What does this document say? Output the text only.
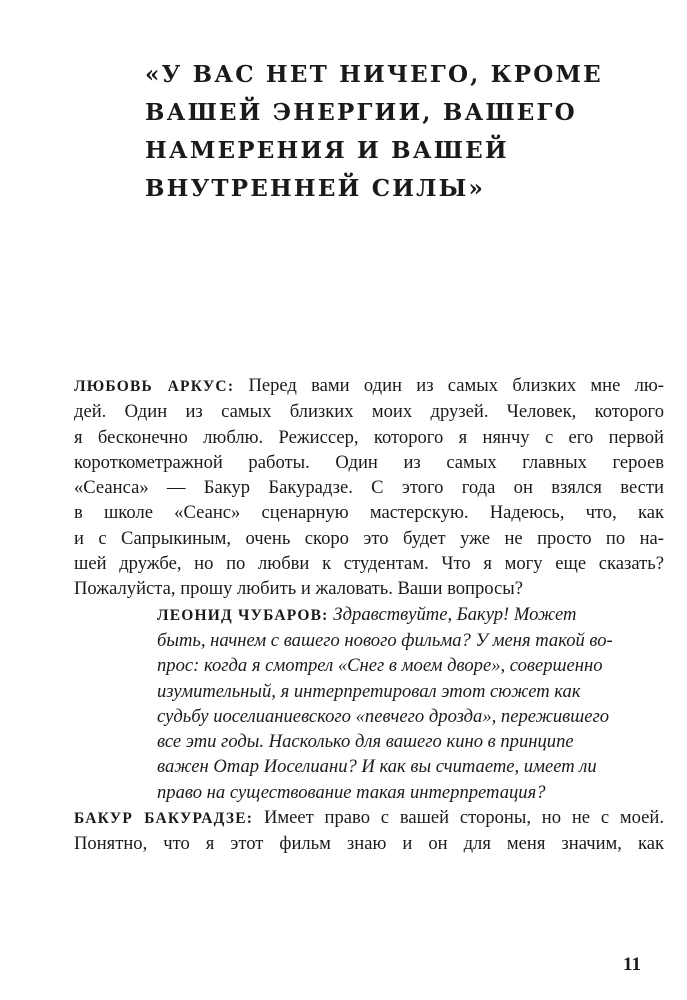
«У ВАС НЕТ НИЧЕГО, КРОМЕ
ВАШЕЙ ЭНЕРГИИ, ВАШЕГО
НАМЕРЕНИЯ И ВАШЕЙ
ВНУТРЕННЕЙ СИЛЫ»
ЛЮБОВЬ АРКУС: Перед вами один из самых близких мне лю-
дей. Один из самых близких моих друзей. Человек, которого
я бесконечно люблю. Режиссер, которого я нянчу с его первой
короткометражной работы. Один из самых главных героев
«Сеанса» — Бакур Бакурадзе. С этого года он взялся вести
в школе «Сеанс» сценарную мастерскую. Надеюсь, что, как
и с Сапрыкиным, очень скоро это будет уже не просто по на-
шей дружбе, но по любви к студентам. Что я могу еще сказать?
Пожалуйста, прошу любить и жаловать. Ваши вопросы?
ЛЕОНИД ЧУБАРОВ: Здравствуйте, Бакур! Может
быть, начнем с вашего нового фильма? У меня такой во-
прос: когда я смотрел «Снег в моем дворе», совершенно
изумительный, я интерпретировал этот сюжет как
судьбу иоселианиевского «певчего дрозда», пережившего
все эти годы. Насколько для вашего кино в принципе
важен Отар Иоселиани? И как вы считаете, имеет ли
право на существование такая интерпретация?
БАКУР БАКУРАДЗЕ: Имеет право с вашей стороны, но не с моей.
Понятно, что я этот фильм знаю и он для меня значим, как
11
